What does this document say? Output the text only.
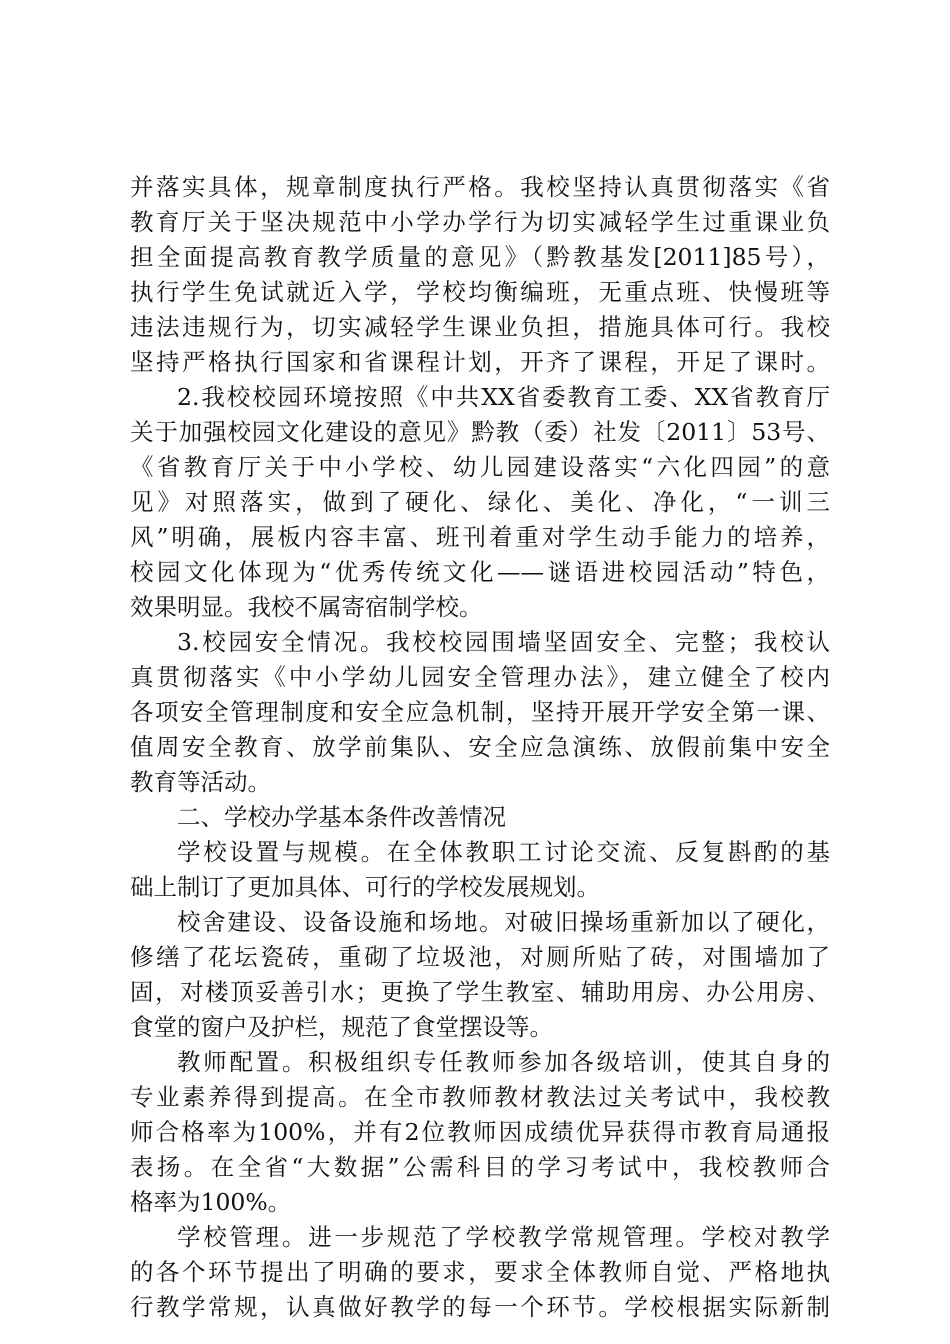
并落实具体，规章制度执行严格。我校坚持认真贯彻落实《省
教育厅关于坚决规范中小学办学行为切实减轻学生过重课业负
担全面提高教育教学质量的意见》（黔教基发[2011]85号），
执行学生免试就近入学，学校均衡编班，无重点班、快慢班等
违法违规行为，切实减轻学生课业负担，措施具体可行。我校
坚持严格执行国家和省课程计划，开齐了课程，开足了课时。
2.我校校园环境按照《中共XX省委教育工委、XX省教育厅
关于加强校园文化建设的意见》黔教（委）社发〔2011〕53号、
《省教育厅关于中小学校、幼儿园建设落实“六化四园”的意
见》对照落实，做到了硬化、绿化、美化、净化，“一训三
风”明确，展板内容丰富、班刊着重对学生动手能力的培养，
校园文化体现为“优秀传统文化——谜语进校园活动”特色，
效果明显。我校不属寄宿制学校。
3.校园安全情况。我校校园围墙坚固安全、完整；我校认
真贯彻落实《中小学幼儿园安全管理办法》，建立健全了校内
各项安全管理制度和安全应急机制，坚持开展开学安全第一课、
值周安全教育、放学前集队、安全应急演练、放假前集中安全
教育等活动。
二、学校办学基本条件改善情况
学校设置与规模。在全体教职工讨论交流、反复斟酌的基
础上制订了更加具体、可行的学校发展规划。
校舍建设、设备设施和场地。对破旧操场重新加以了硬化，
修缮了花坛瓷砖，重砌了垃圾池，对厕所贴了砖，对围墙加了
固，对楼顶妥善引水；更换了学生教室、辅助用房、办公用房、
食堂的窗户及护栏，规范了食堂摆设等。
教师配置。积极组织专任教师参加各级培训，使其自身的
专业素养得到提高。在全市教师教材教法过关考试中，我校教
师合格率为100%，并有2位教师因成绩优异获得市教育局通报
表扬。在全省“大数据”公需科目的学习考试中，我校教师合
格率为100%。
学校管理。进一步规范了学校教学常规管理。学校对教学
的各个环节提出了明确的要求，要求全体教师自觉、严格地执
行教学常规，认真做好教学的每一个环节。学校根据实际新制
